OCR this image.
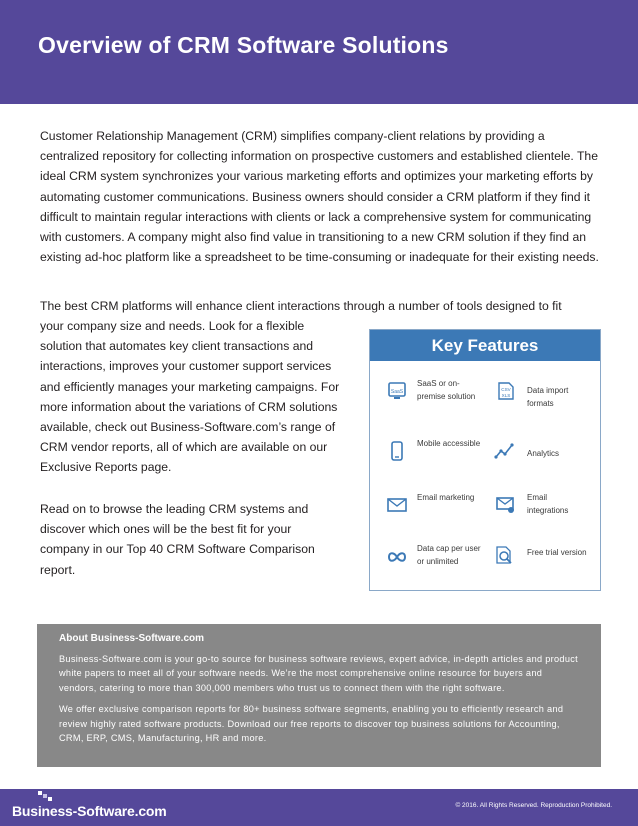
Overview of CRM Software Solutions

Customer Relationship Management (CRM) simplifies company-client relations by providing a centralized repository for collecting information on prospective customers and established clientele. The ideal CRM system synchronizes your various marketing efforts and optimizes your marketing efforts by automating customer communications. Business owners should consider a CRM platform if they find it difficult to maintain regular interactions with clients or lack a comprehensive system for communicating with customers. A company might also find value in transitioning to a new CRM solution if they find an existing ad-hoc platform like a spreadsheet to be time-consuming or inadequate for their existing needs.

The best CRM platforms will enhance client interactions through a number of tools designed to fit

your company size and needs. Look for a flexible solution that automates key client transactions and interactions, improves your customer support services and efficiently manages your marketing campaigns. For more information about the variations of CRM solutions available, check out Business-Software.com’s range of CRM vendor reports, all of which are available on our Exclusive Reports page.

Read on to browse the leading CRM systems and discover which ones will be the best fit for your company in our Top 40 CRM Software Comparison report.

Key Features
SaaS
SaaS or on-premise solution
CSV
XLS
Data import formats
Mobile accessible
Analytics
Email marketing	Email integrations
Data cap per user or unlimited
Free trial version
About Business-Software.com

Business-Software.com is your go-to source for business software reviews, expert advice, in-depth articles and product white papers to meet all of your software needs. We’re the most comprehensive online resource for buyers and vendors, catering to more than 300,000 members who trust us to connect them with the right software.

We offer exclusive comparison reports for 80+ business software segments, enabling you to efficiently research and review highly rated software products. Download our free reports to discover top business solutions for Accounting, CRM, ERP, CMS, Manufacturing, HR and more.

Business-Software.com	© 2016. All Rights Reserved. Reproduction Prohibited.
